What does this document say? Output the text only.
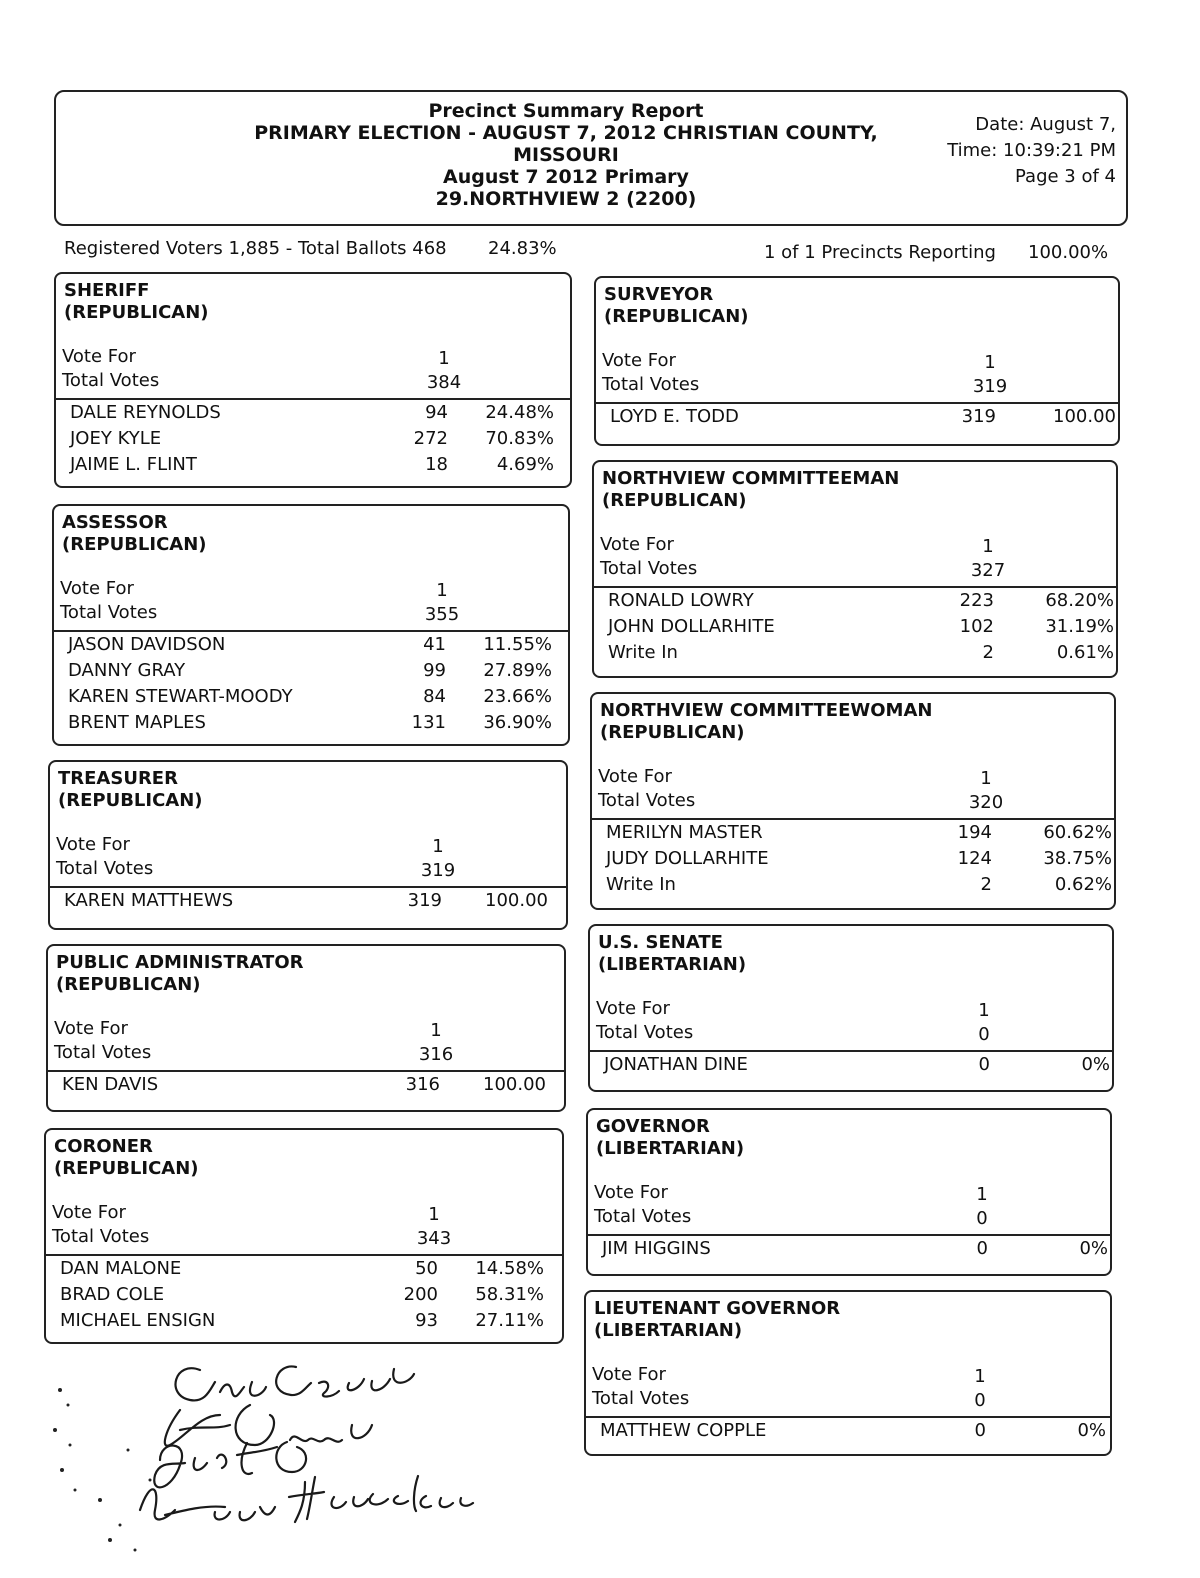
Precinct Summary Report
PRIMARY ELECTION - AUGUST 7, 2012 CHRISTIAN COUNTY,
MISSOURI
August 7 2012 Primary
29.NORTHVIEW 2 (2200)
Date: August 7,
Time: 10:39:21 PM
Page 3 of 4
Registered Voters 1,885 - Total Ballots 468 24.83%	1 of 1 Precincts Reporting 100.00%
SHERIFF
(REPUBLICAN)
Vote For	1
Total Votes	384
DALE REYNOLDS	94	24.48%
JOEY KYLE	272	70.83%
JAIME L. FLINT	18	4.69%
ASSESSOR
(REPUBLICAN)
Vote For	1
Total Votes	355
JASON DAVIDSON	41	11.55%
DANNY GRAY	99	27.89%
KAREN STEWART-MOODY	84	23.66%
BRENT MAPLES	131	36.90%
TREASURER
(REPUBLICAN)
Vote For	1
Total Votes	319
KAREN MATTHEWS	319	100.00
PUBLIC ADMINISTRATOR
(REPUBLICAN)
Vote For	1
Total Votes	316
KEN DAVIS	316	100.00
CORONER
(REPUBLICAN)
Vote For	1
Total Votes	343
DAN MALONE	50	14.58%
BRAD COLE	200	58.31%
MICHAEL ENSIGN	93	27.11%
SURVEYOR
(REPUBLICAN)
Vote For	1
Total Votes	319
LOYD E. TODD	319	100.00
NORTHVIEW COMMITTEEMAN
(REPUBLICAN)
Vote For	1
Total Votes	327
RONALD LOWRY	223	68.20%
JOHN DOLLARHITE	102	31.19%
Write In	2	0.61%
NORTHVIEW COMMITTEEWOMAN
(REPUBLICAN)
Vote For	1
Total Votes	320
MERILYN MASTER	194	60.62%
JUDY DOLLARHITE	124	38.75%
Write In	2	0.62%
U.S. SENATE
(LIBERTARIAN)
Vote For	1
Total Votes	0
JONATHAN DINE	0	0%
GOVERNOR
(LIBERTARIAN)
Vote For	1
Total Votes	0
JIM HIGGINS	0	0%
LIEUTENANT GOVERNOR
(LIBERTARIAN)
Vote For	1
Total Votes	0
MATTHEW COPPLE	0	0%
